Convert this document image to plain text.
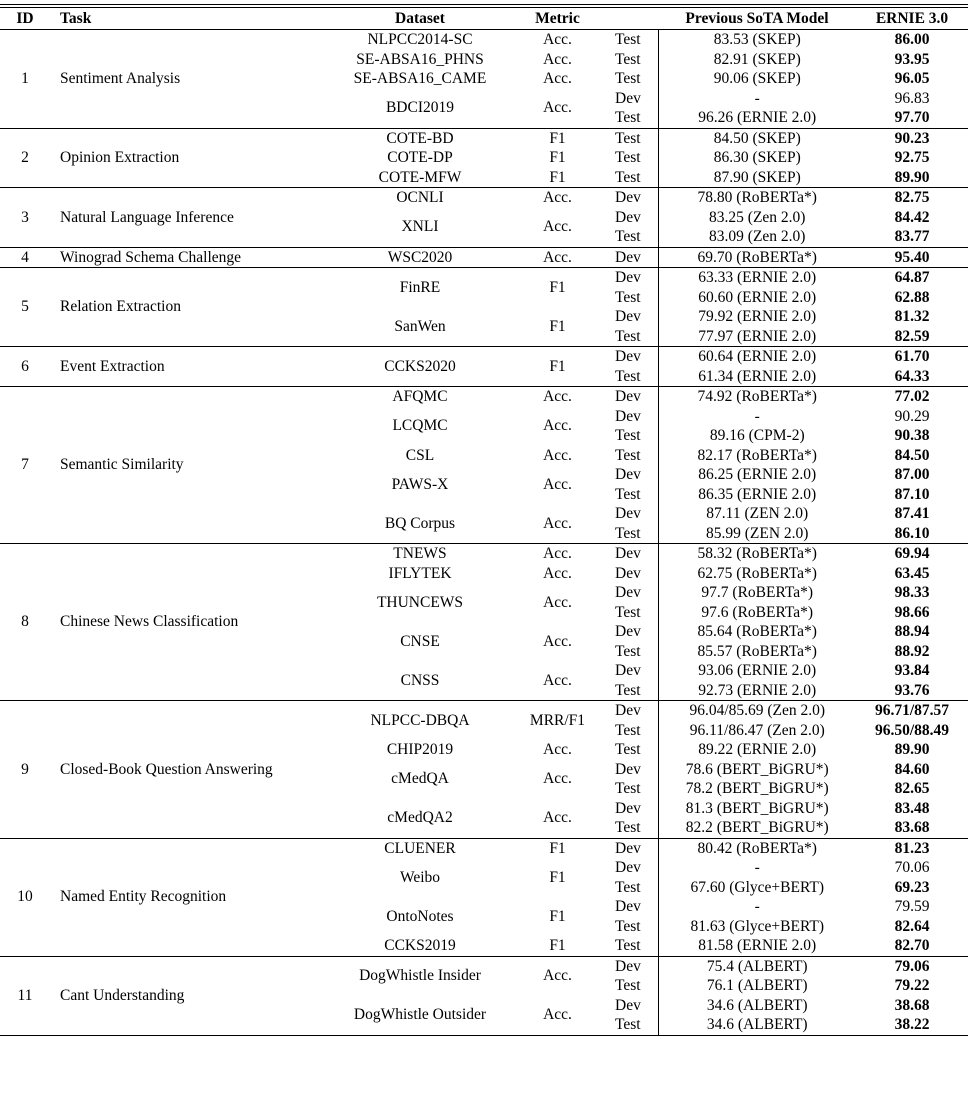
ID	Task	Dataset	Metric		Previous SoTA Model	ERNIE 3.0
1	Sentiment Analysis	NLPCC2014-SC	Acc.	Test	83.53 (SKEP)	86.00
		SE-ABSA16_PHNS	Acc.	Test	82.91 (SKEP)	93.95
		SE-ABSA16_CAME	Acc.	Test	90.06 (SKEP)	96.05
		BDCI2019	Acc.	Dev	-	96.83
				Test	96.26 (ERNIE 2.0)	97.70
2	Opinion Extraction	COTE-BD	F1	Test	84.50 (SKEP)	90.23
		COTE-DP	F1	Test	86.30 (SKEP)	92.75
		COTE-MFW	F1	Test	87.90 (SKEP)	89.90
3	Natural Language Inference	OCNLI	Acc.	Dev	78.80 (RoBERTa*)	82.75
		XNLI	Acc.	Dev	83.25 (Zen 2.0)	84.42
				Test	83.09 (Zen 2.0)	83.77
4	Winograd Schema Challenge	WSC2020	Acc.	Dev	69.70 (RoBERTa*)	95.40
5	Relation Extraction	FinRE	F1	Dev	63.33 (ERNIE 2.0)	64.87
				Test	60.60 (ERNIE 2.0)	62.88
		SanWen	F1	Dev	79.92 (ERNIE 2.0)	81.32
				Test	77.97 (ERNIE 2.0)	82.59
6	Event Extraction	CCKS2020	F1	Dev	60.64 (ERNIE 2.0)	61.70
				Test	61.34 (ERNIE 2.0)	64.33
7	Semantic Similarity	AFQMC	Acc.	Dev	74.92 (RoBERTa*)	77.02
		LCQMC	Acc.	Dev	-	90.29
				Test	89.16 (CPM-2)	90.38
		CSL	Acc.	Test	82.17 (RoBERTa*)	84.50
		PAWS-X	Acc.	Dev	86.25 (ERNIE 2.0)	87.00
				Test	86.35 (ERNIE 2.0)	87.10
		BQ Corpus	Acc.	Dev	87.11 (ZEN 2.0)	87.41
				Test	85.99 (ZEN 2.0)	86.10
8	Chinese News Classification	TNEWS	Acc.	Dev	58.32 (RoBERTa*)	69.94
		IFLYTEK	Acc.	Dev	62.75 (RoBERTa*)	63.45
		THUNCEWS	Acc.	Dev	97.7 (RoBERTa*)	98.33
				Test	97.6 (RoBERTa*)	98.66
		CNSE	Acc.	Dev	85.64 (RoBERTa*)	88.94
				Test	85.57 (RoBERTa*)	88.92
		CNSS	Acc.	Dev	93.06 (ERNIE 2.0)	93.84
				Test	92.73 (ERNIE 2.0)	93.76
9	Closed-Book Question Answering	NLPCC-DBQA	MRR/F1	Dev	96.04/85.69 (Zen 2.0)	96.71/87.57
				Test	96.11/86.47 (Zen 2.0)	96.50/88.49
		CHIP2019	Acc.	Test	89.22 (ERNIE 2.0)	89.90
		cMedQA	Acc.	Dev	78.6 (BERT_BiGRU*)	84.60
				Test	78.2 (BERT_BiGRU*)	82.65
		cMedQA2	Acc.	Dev	81.3 (BERT_BiGRU*)	83.48
				Test	82.2 (BERT_BiGRU*)	83.68
10	Named Entity Recognition	CLUENER	F1	Dev	80.42 (RoBERTa*)	81.23
		Weibo	F1	Dev	-	70.06
				Test	67.60 (Glyce+BERT)	69.23
		OntoNotes	F1	Dev	-	79.59
				Test	81.63 (Glyce+BERT)	82.64
		CCKS2019	F1	Test	81.58 (ERNIE 2.0)	82.70
11	Cant Understanding	DogWhistle Insider	Acc.	Dev	75.4 (ALBERT)	79.06
				Test	76.1 (ALBERT)	79.22
		DogWhistle Outsider	Acc.	Dev	34.6 (ALBERT)	38.68
				Test	34.6 (ALBERT)	38.22
